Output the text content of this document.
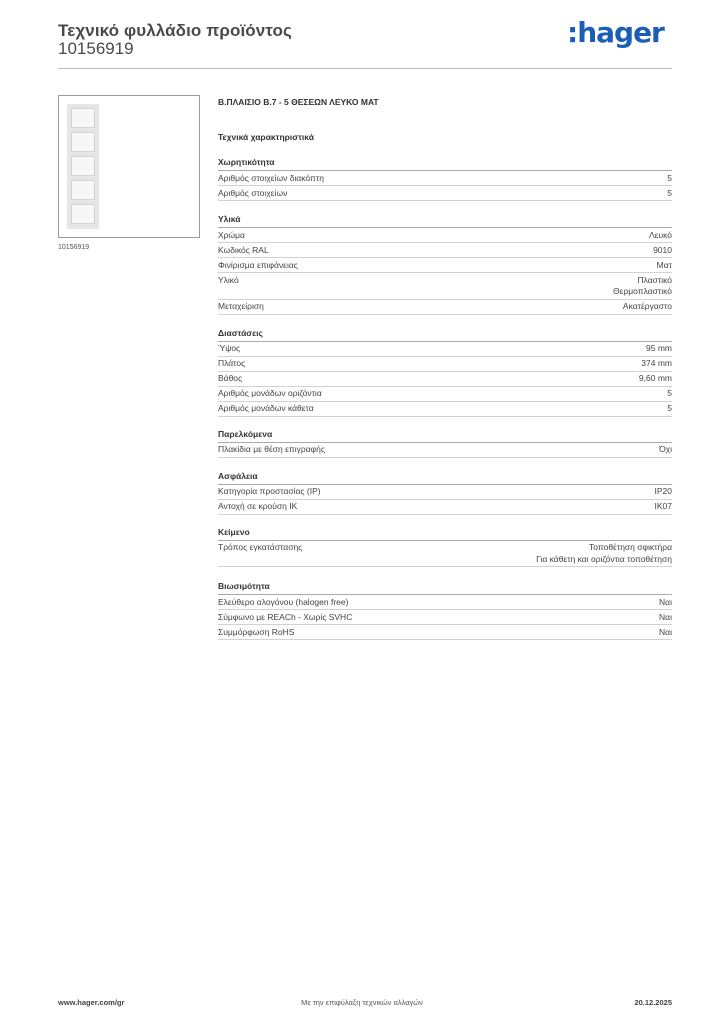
Τεχνικό φυλλάδιο προϊόντος
10156919	:hager
10156919
Β.ΠΛΑΙΣΙΟ Β.7 - 5 ΘΕΣΕΩΝ ΛΕΥΚΟ ΜΑΤ
Τεχνικά χαρακτηριστικά
Χωρητικότητα
Αριθμός στοιχείων διακόπτη	5
Αριθμός στοιχείων	5
Υλικά
Χρώμα	Λευκό
Κωδικός RAL	9010
Φινίρισμα επιφάνειας	Ματ
Υλικό	Πλαστικό
Θερμοπλαστικό
Μεταχείριση	Ακατέργαστο
Διαστάσεις
Ύψος	95 mm
Πλάτος	374 mm
Βάθος	9,60 mm
Αριθμός μονάδων οριζόντια	5
Αριθμός μονάδων κάθετα	5
Παρελκόμενα
Πλακίδια με θέση επιγραφής	Όχι
Ασφάλεια
Κατηγορία προστασίας (IP)	IP20
Αντοχή σε κρούση IK	IK07
Κείμενο
Τρόπος εγκατάστασης	Τοποθέτηση σφικτήρα
Για κάθετη και οριζόντια τοποθέτηση
Βιωσιμότητα
Ελεύθερο αλογόνου (halogen free)	Ναι
Σύμφωνο με REACh - Χωρίς SVHC	Ναι
Συμμόρφωση RoHS	Ναι
www.hager.com/gr	Με την επιφύλαξη τεχνικών αλλαγών	20.12.2025
